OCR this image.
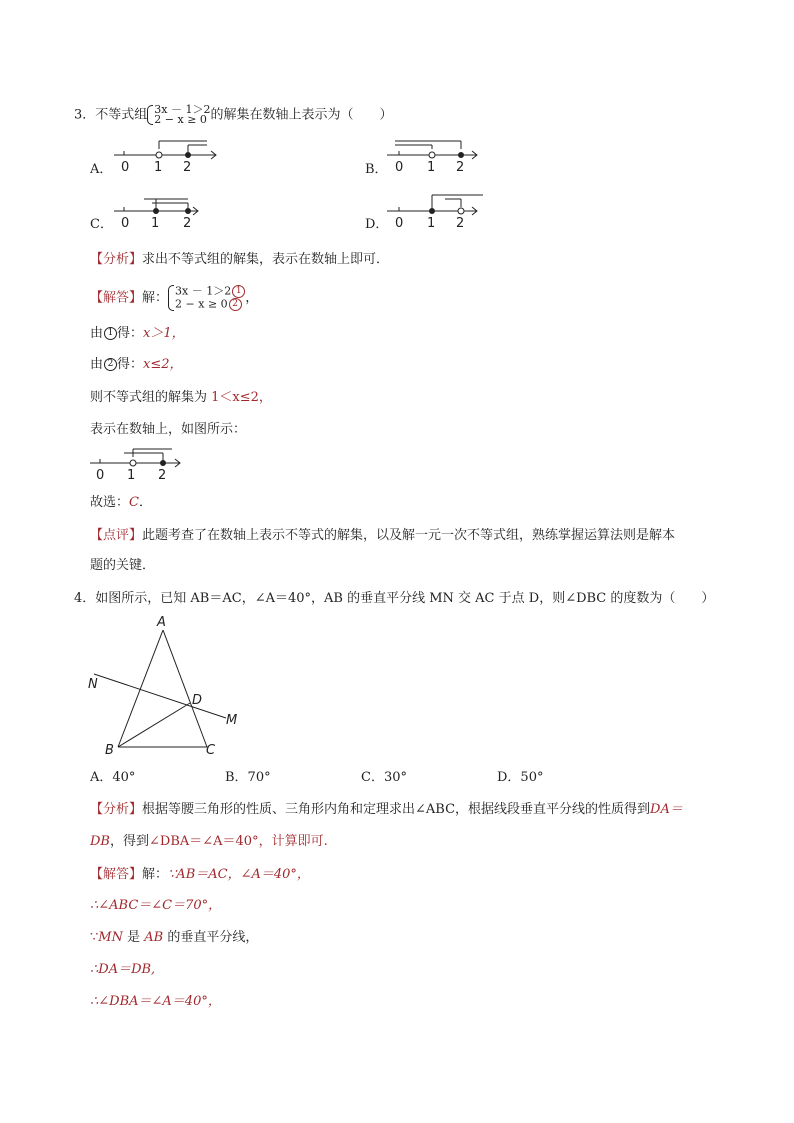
3．不等式组 3x － 1＞2
2 − x ≥ 0 的解集在数轴上表示为（　　）
A．	B．
C．	D．
0 1 2	0 1 2
0 1 2	0 1 2
【分析】求出不等式组的解集，表示在数轴上即可．
【解答】解： 3x － 1＞2 1
2 − x ≥ 0 2 ，
由 1 得：x＞1，
由 2 得：x≤2，
则不等式组的解集为 1＜x≤2，
表示在数轴上，如图所示：
0 1 2
故选：C．
【点评】此题考查了在数轴上表示不等式的解集，以及解一元一次不等式组，熟练掌握运算法则是解本
题的关键．
4．如图所示，已知 AB＝AC，∠A＝40°，AB 的垂直平分线 MN 交 AC 于点 D，则∠DBC 的度数为（　　）
A
N
D
M
B	C
A．40°	B．70°	C．30°	D．50°
【分析】根据等腰三角形的性质、三角形内角和定理求出∠ABC，根据线段垂直平分线的性质得到DA＝
DB，得到∠DBA＝∠A＝40°，计算即可.
【解答】解：∵AB＝AC，∠A＝40°，
∴∠ABC＝∠C＝70°，
∵MN 是 AB 的垂直平分线，
∴DA＝DB,
∴∠DBA＝∠A＝40°，
